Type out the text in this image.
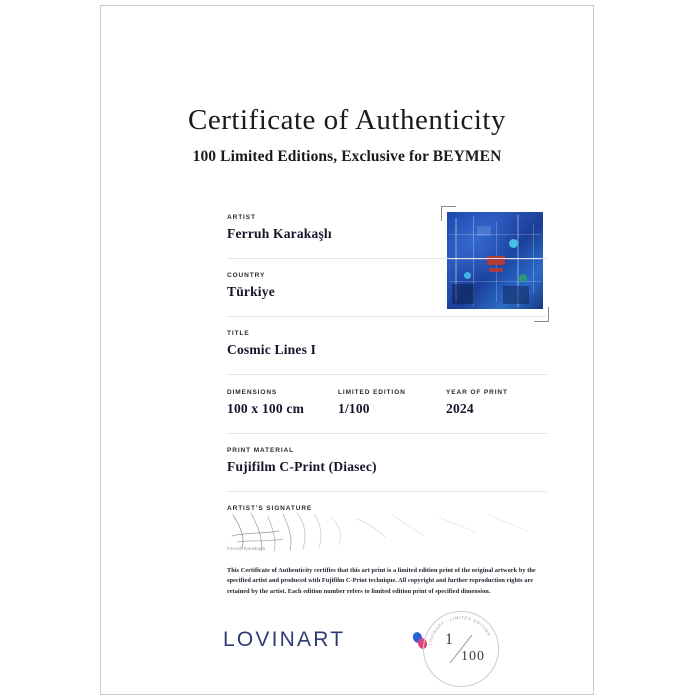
Certificate of Authenticity
100 Limited Editions, Exclusive for BEYMEN
ARTIST
Ferruh Karakaşlı
COUNTRY
Türkiye
TITLE
Cosmic Lines I
DIMENSIONS
100 x 100 cm
LIMITED EDITION
1/100
YEAR OF PRINT
2024
PRINT MATERIAL
Fujifilm C-Print (Diasec)
ARTIST'S SIGNATURE
Ferruh Karakaşlı
This Certificate of Authenticity certifies that this art print is a limited edition print of the original artwork by the specified artist and produced with Fujifilm C-Print technique. All copyright and further reproduction rights are retained by the artist. Each edition number refers to limited edition print of specified dimension.
LOVINART	LOVINART · LIMITED EDITION ·
1
100
